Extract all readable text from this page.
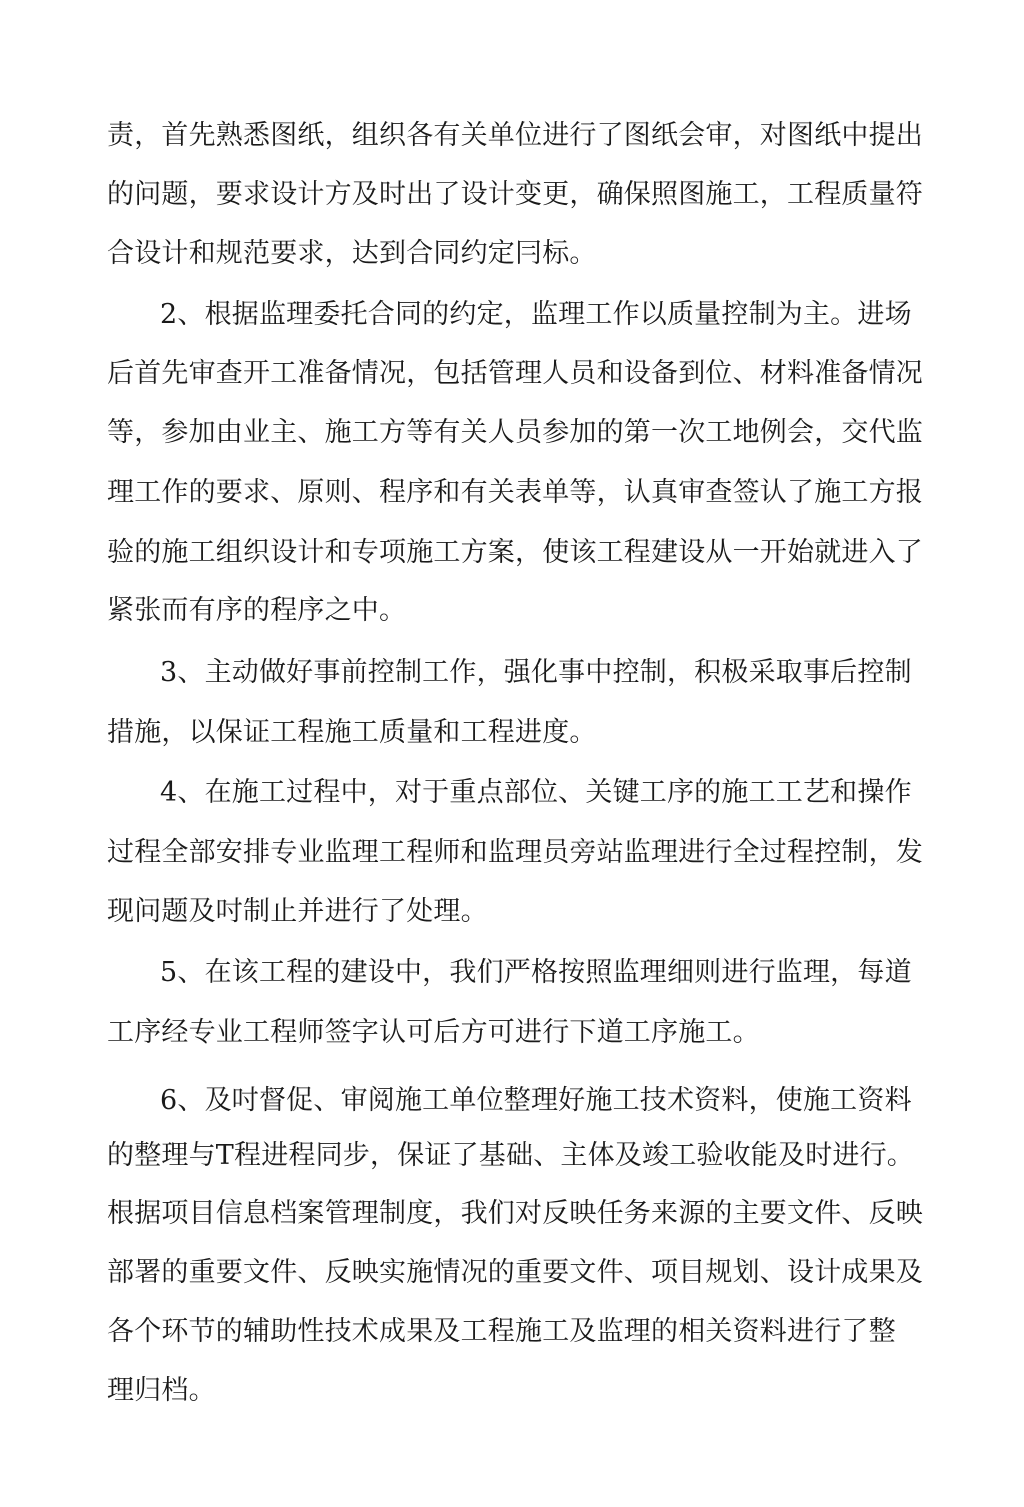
责，首先熟悉图纸，组织各有关单位进行了图纸会审，对图纸中提出
的问题，要求设计方及时出了设计变更，确保照图施工，工程质量符
合设计和规范要求，达到合同约定冃标。
2、根据监理委托合同的约定，监理工作以质量控制为主。进场
后首先审查开工准备情况，包括管理人员和设备到位、材料准备情况
等，参加由业主、施工方等有关人员参加的第一次工地例会，交代监
理工作的要求、原则、程序和有关表单等，认真审查签认了施工方报
验的施工组织设计和专项施工方案，使该工程建设从一开始就进入了
紧张而有序的程序之中。
3、主动做好事前控制工作，强化事中控制，积极采取事后控制
措施，以保证工程施工质量和工程进度。
4、在施工过程中，对于重点部位、关键工序的施工工艺和操作
过程全部安排专业监理工程师和监理员旁站监理进行全过程控制，发
现问题及吋制止并进行了处理。
5、在该工程的建设中，我们严格按照监理细则进行监理，每道
工序经专业工程师签字认可后方可进行下道工序施工。
6、及吋督促、审阅施工单位整理好施工技术资料，使施工资料
的整理与T程进程同步，保证了基础、主体及竣工验收能及时进行。
根据项目信息档案管理制度，我们对反映任务来源的主要文件、反映
部署的重要文件、反映实施情况的重要文件、项目规划、设计成果及
各个环节的辅助性技术成果及工程施工及监理的相关资料进行了整
理归档。
